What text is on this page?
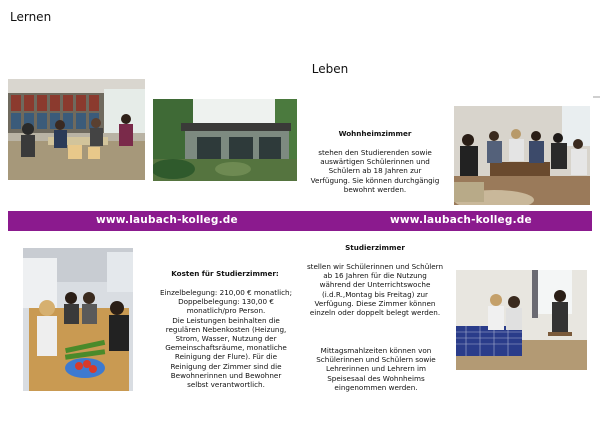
Lernen
Leben
Wohnheimzimmer
stehen den Studierenden sowie
auswärtigen Schülerinnen und
Schülern ab 18 Jahren zur
Verfügung. Sie können durchgängig
bewohnt werden.
www.laubach-kolleg.de	www.laubach-kolleg.de
Kosten für Studierzimmer:
Einzelbelegung: 210,00 € monatlich;
Doppelbelegung: 130,00 €
monatlich/pro Person.
Die Leistungen beinhalten die
regulären Nebenkosten (Heizung,
Strom, Wasser, Nutzung der
Gemeinschaftsräume, monatliche
Reinigung der Flure). Für die
Reinigung der Zimmer sind die
Bewohnerinnen und Bewohner
selbst verantwortlich.
Studierzimmer
stellen wir Schülerinnen und Schülern
ab 16 Jahren für die Nutzung
während der Unterrichtswoche
(i.d.R.,Montag bis Freitag) zur
Verfügung. Diese Zimmer können
einzeln oder doppelt belegt werden.
Mittagsmahlzeiten können von
Schülerinnen und Schülern sowie
Lehrerinnen und Lehrern im
Speisesaal des Wohnheims
eingenommen werden.
